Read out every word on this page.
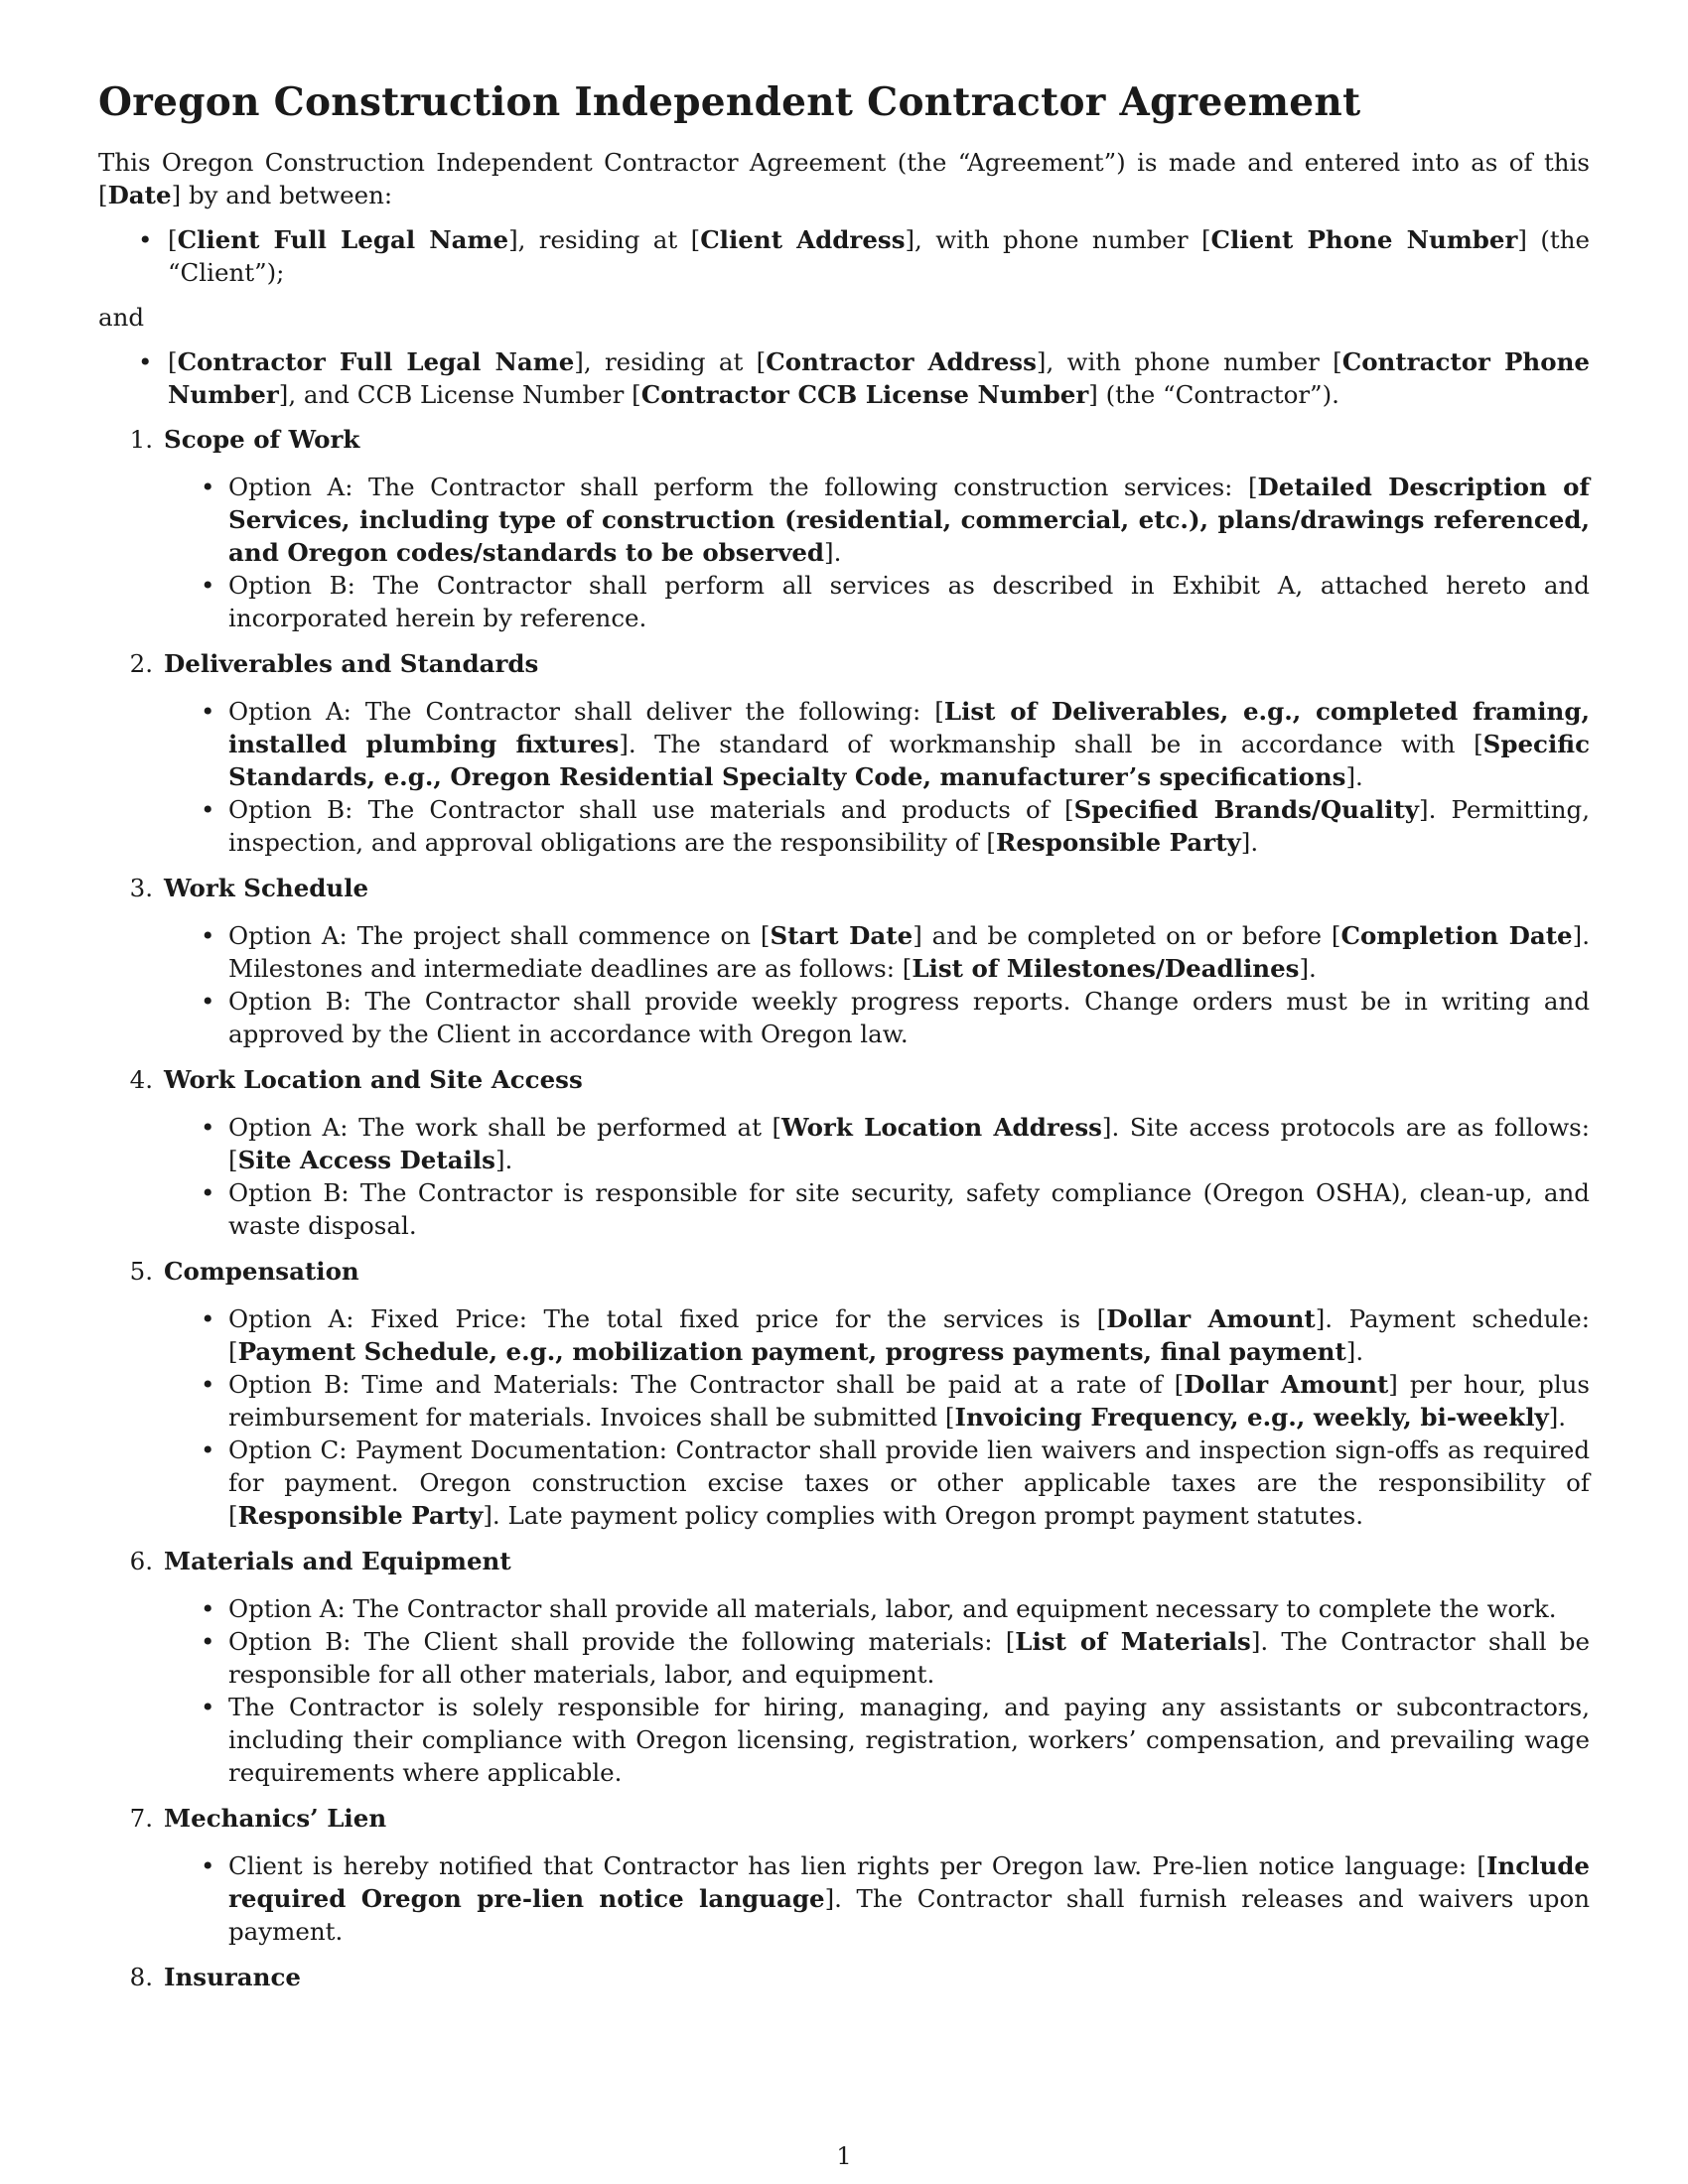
Oregon Construction Independent Contractor Agreement

This Oregon Construction Independent Contractor Agreement (the “Agreement”) is made and entered into as of this [Date] by and between:

• [Client Full Legal Name], residing at [Client Address], with phone number [Client Phone Number] (the “Client”);

and

• [Contractor Full Legal Name], residing at [Contractor Address], with phone number [Contractor Phone Number], and CCB License Number [Contractor CCB License Number] (the “Contractor”).
1. Scope of Work
• Option A: The Contractor shall perform the following construction services: [Detailed Description of Services, including type of construction (residential, commercial, etc.), plans/drawings referenced, and Oregon codes/standards to be observed].
• Option B: The Contractor shall perform all services as described in Exhibit A, attached hereto and incorporated herein by reference.
2. Deliverables and Standards
• Option A: The Contractor shall deliver the following: [List of Deliverables, e.g., completed framing, installed plumbing fixtures]. The standard of workmanship shall be in accordance with [Specific Standards, e.g., Oregon Residential Specialty Code, manufacturer’s specifications].
• Option B: The Contractor shall use materials and products of [Specified Brands/Quality]. Permitting, inspection, and approval obligations are the responsibility of [Responsible Party].
3. Work Schedule
• Option A: The project shall commence on [Start Date] and be completed on or before [Completion Date]. Milestones and intermediate deadlines are as follows: [List of Milestones/Deadlines].
• Option B: The Contractor shall provide weekly progress reports. Change orders must be in writing and approved by the Client in accordance with Oregon law.
4. Work Location and Site Access
• Option A: The work shall be performed at [Work Location Address]. Site access protocols are as follows: [Site Access Details].
• Option B: The Contractor is responsible for site security, safety compliance (Oregon OSHA), clean-up, and waste disposal.
5. Compensation
• Option A: Fixed Price: The total fixed price for the services is [Dollar Amount]. Payment schedule: [Payment Schedule, e.g., mobilization payment, progress payments, final payment].
• Option B: Time and Materials: The Contractor shall be paid at a rate of [Dollar Amount] per hour, plus reimbursement for materials. Invoices shall be submitted [Invoicing Frequency, e.g., weekly, bi-weekly].
• Option C: Payment Documentation: Contractor shall provide lien waivers and inspection sign-offs as required for payment. Oregon construction excise taxes or other applicable taxes are the responsibility of [Responsible Party]. Late payment policy complies with Oregon prompt payment statutes.
6. Materials and Equipment
• Option A: The Contractor shall provide all materials, labor, and equipment necessary to complete the work.
• Option B: The Client shall provide the following materials: [List of Materials]. The Contractor shall be responsible for all other materials, labor, and equipment.
• The Contractor is solely responsible for hiring, managing, and paying any assistants or subcontractors, including their compliance with Oregon licensing, registration, workers’ compensation, and prevailing wage requirements where applicable.
7. Mechanics’ Lien
• Client is hereby notified that Contractor has lien rights per Oregon law. Pre-lien notice language: [Include required Oregon pre-lien notice language]. The Contractor shall furnish releases and waivers upon payment.
8. Insurance
1
